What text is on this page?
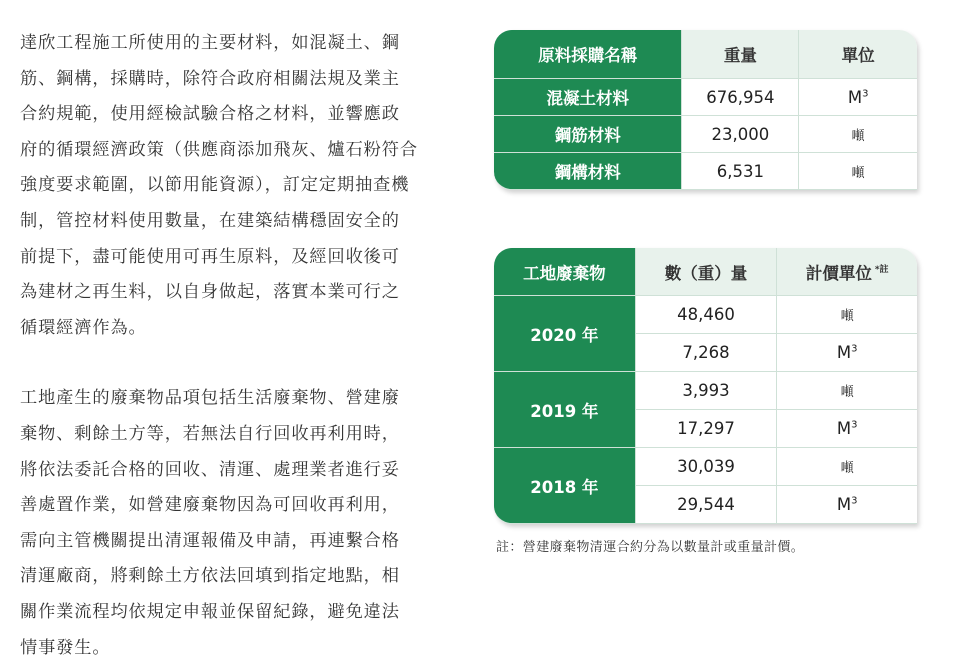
達欣工程施工所使用的主要材料，如混凝土、鋼
筋、鋼構，採購時，除符合政府相關法規及業主
合約規範，使用經檢試驗合格之材料，並響應政
府的循環經濟政策（供應商添加飛灰、爐石粉符合
強度要求範圍，以節用能資源），訂定定期抽查機
制，管控材料使用數量，在建築結構穩固安全的
前提下，盡可能使用可再生原料，及經回收後可
為建材之再生料，以自身做起，落實本業可行之
循環經濟作為。

工地產生的廢棄物品項包括生活廢棄物、營建廢
棄物、剩餘土方等，若無法自行回收再利用時，
將依法委託合格的回收、清運、處理業者進行妥
善處置作業，如營建廢棄物因為可回收再利用，
需向主管機關提出清運報備及申請，再連繫合格
清運廠商，將剩餘土方依法回填到指定地點，相
關作業流程均依規定申報並保留紀錄，避免違法
情事發生。

原料採購名稱	重量	單位
混凝土材料	676,954	$M^3$
鋼筋材料	23,000	噸
鋼構材料	6,531	噸
工地廢棄物	數（重）量	計價單位 $^{*註}$
2020 年	48,460	噸
	7,268	$M^3$
2019 年	3,993	噸
	17,297	$M^3$
2018 年	30,039	噸
	29,544	$M^3$
註：營建廢棄物清運合約分為以數量計或重量計價。
